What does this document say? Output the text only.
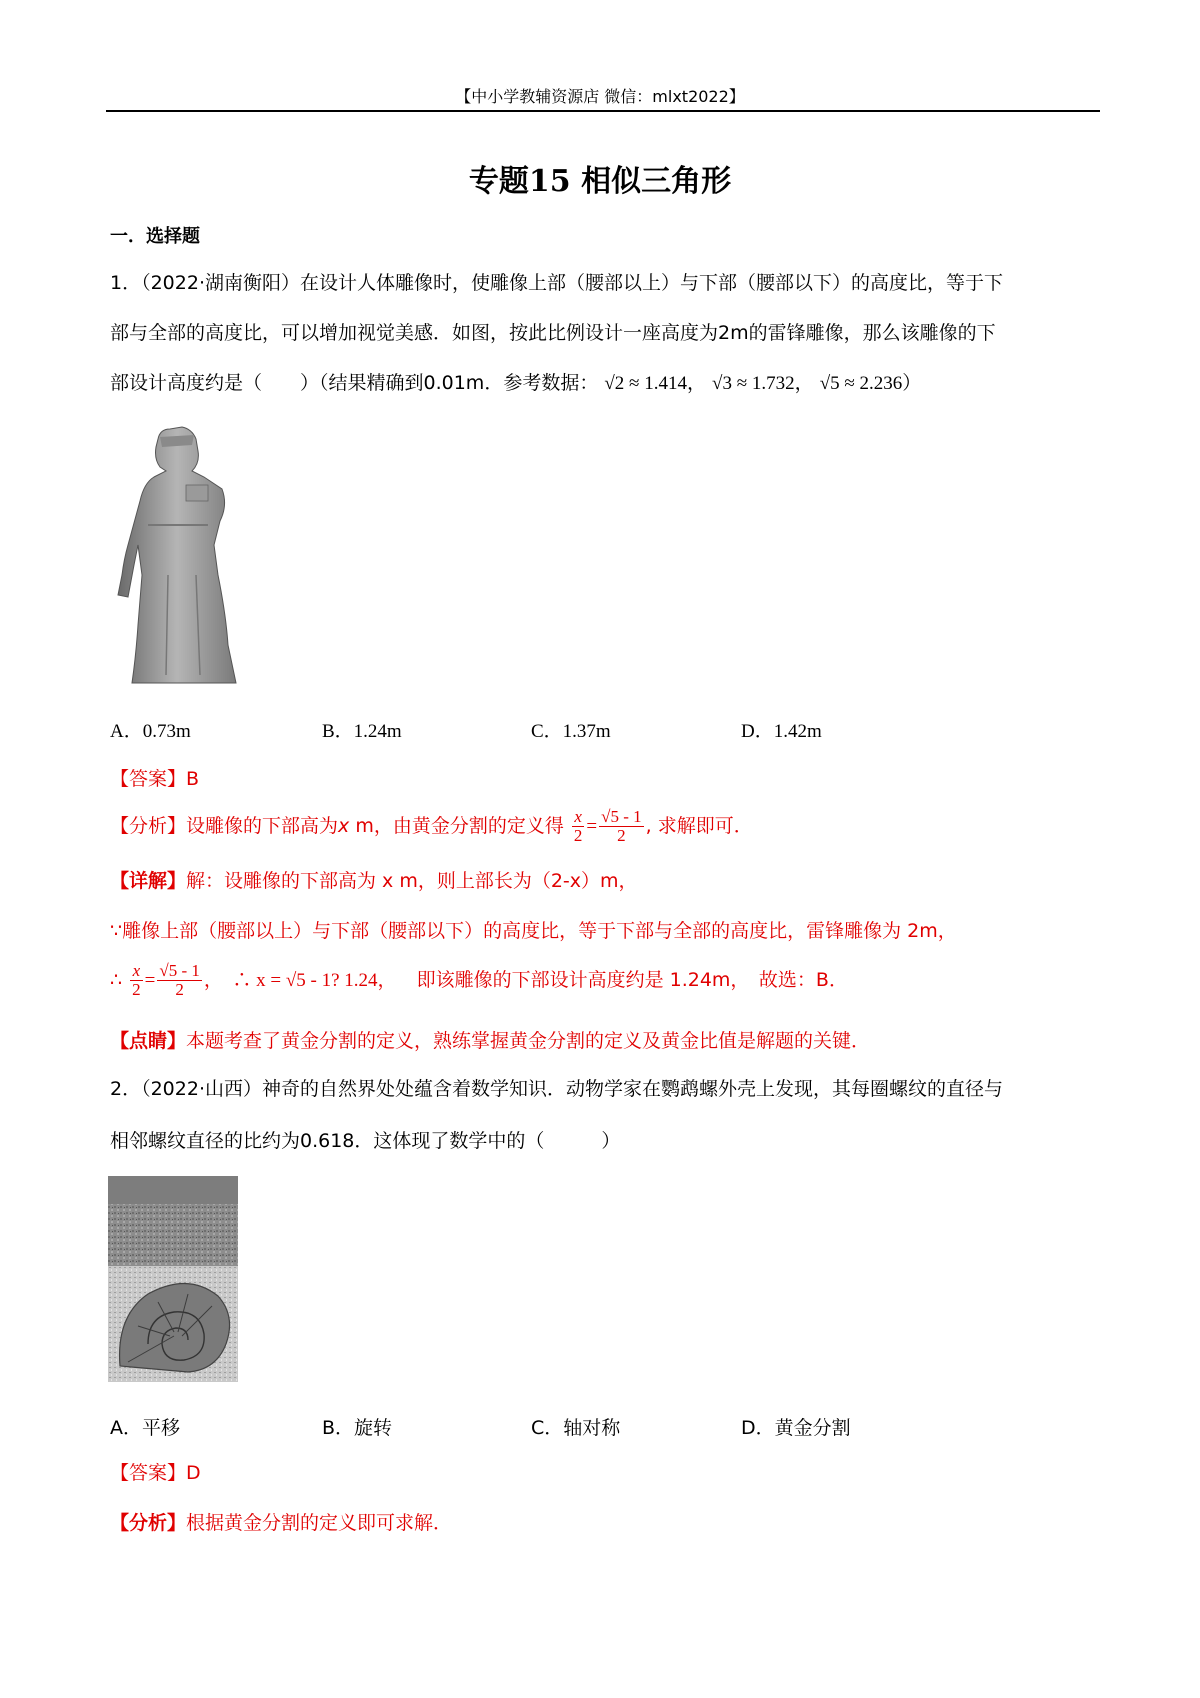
【中小学教辅资源店 微信：mlxt2022】
专题15 相似三角形
一．选择题
1．（2022·湖南衡阳）在设计人体雕像时，使雕像上部（腰部以上）与下部（腰部以下）的高度比，等于下
部与全部的高度比，可以增加视觉美感．如图，按此比例设计一座高度为2m的雷锋雕像，那么该雕像的下
部设计高度约是（　　）（结果精确到0.01m．参考数据： √2 ≈ 1.414， √3 ≈ 1.732， √5 ≈ 2.236）
A．0.73m	B．1.24m	C．1.37m	D．1.42m
【答案】B
【分析】设雕像的下部高为x m，由黄金分割的定义得 $\frac{x}{2} = \frac{√5 - 1}{2}$ , 求解即可．
【详解】解：设雕像的下部高为 x m，则上部长为（2-x）m，
∵雕像上部（腰部以上）与下部（腰部以下）的高度比，等于下部与全部的高度比，雷锋雕像为 2m，
∴ $\frac{x}{2} = \frac{√5 - 1}{2}$ ，　∴ x = √5 - 1? 1.24， 即该雕像的下部设计高度约是 1.24m，　故选：B．
【点睛】本题考查了黄金分割的定义，熟练掌握黄金分割的定义及黄金比值是解题的关键．
2．（2022·山西）神奇的自然界处处蕴含着数学知识．动物学家在鹦鹉螺外壳上发现，其每圈螺纹的直径与
相邻螺纹直径的比约为0.618．这体现了数学中的（　　　）
A．平移	B．旋转	C．轴对称	D．黄金分割
【答案】D
【分析】根据黄金分割的定义即可求解．
